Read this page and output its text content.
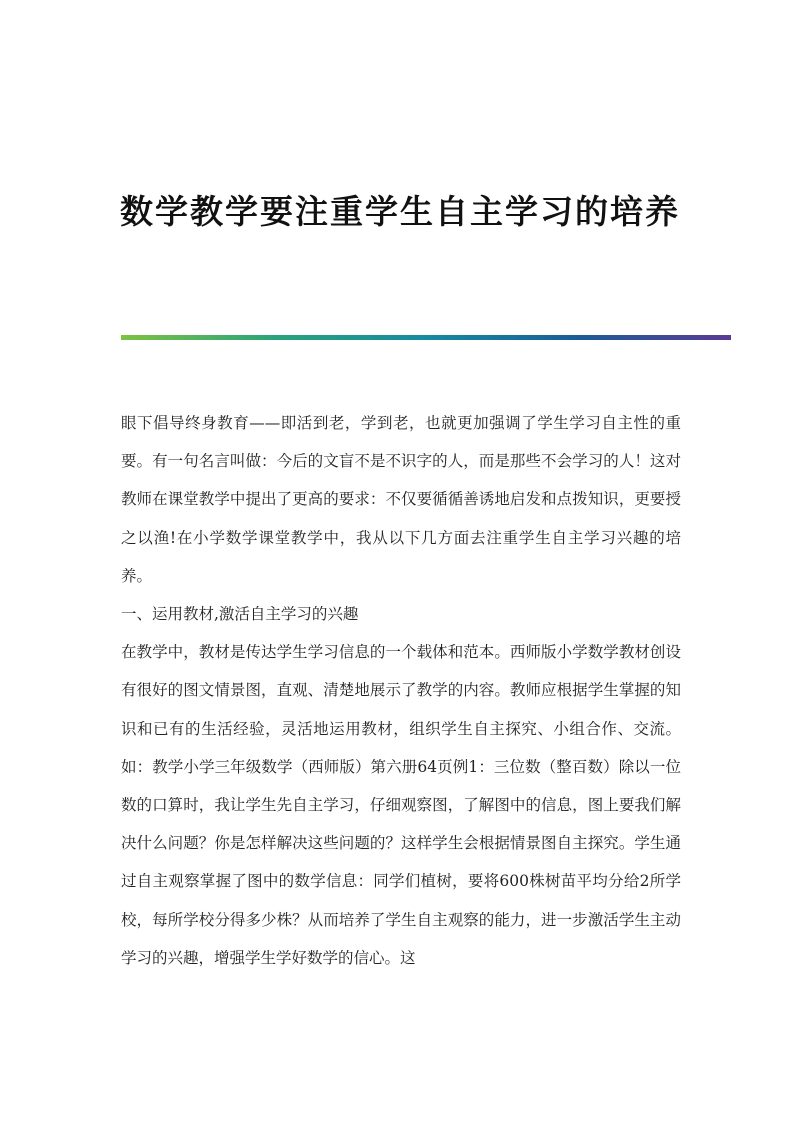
数学教学要注重学生自主学习的培养

眼下倡导终身教育——即活到老，学到老，也就更加强调了学生学习自主性的重要。有一句名言叫做：今后的文盲不是不识字的人，而是那些不会学习的人！这对教师在课堂教学中提出了更高的要求：不仅要循循善诱地启发和点拨知识，更要授之以渔!在小学数学课堂教学中，我从以下几方面去注重学生自主学习兴趣的培养。

一、运用教材,激活自主学习的兴趣

在教学中，教材是传达学生学习信息的一个载体和范本。西师版小学数学教材创设有很好的图文情景图，直观、清楚地展示了教学的内容。教师应根据学生掌握的知识和已有的生活经验，灵活地运用教材，组织学生自主探究、小组合作、交流。如：教学小学三年级数学（西师版）第六册64页例1：三位数（整百数）除以一位数的口算时，我让学生先自主学习，仔细观察图，了解图中的信息，图上要我们解决什么问题？你是怎样解决这些问题的？这样学生会根据情景图自主探究。学生通过自主观察掌握了图中的数学信息：同学们植树，要将600株树苗平均分给2所学校，每所学校分得多少株？从而培养了学生自主观察的能力，进一步激活学生主动学习的兴趣，增强学生学好数学的信心。这
